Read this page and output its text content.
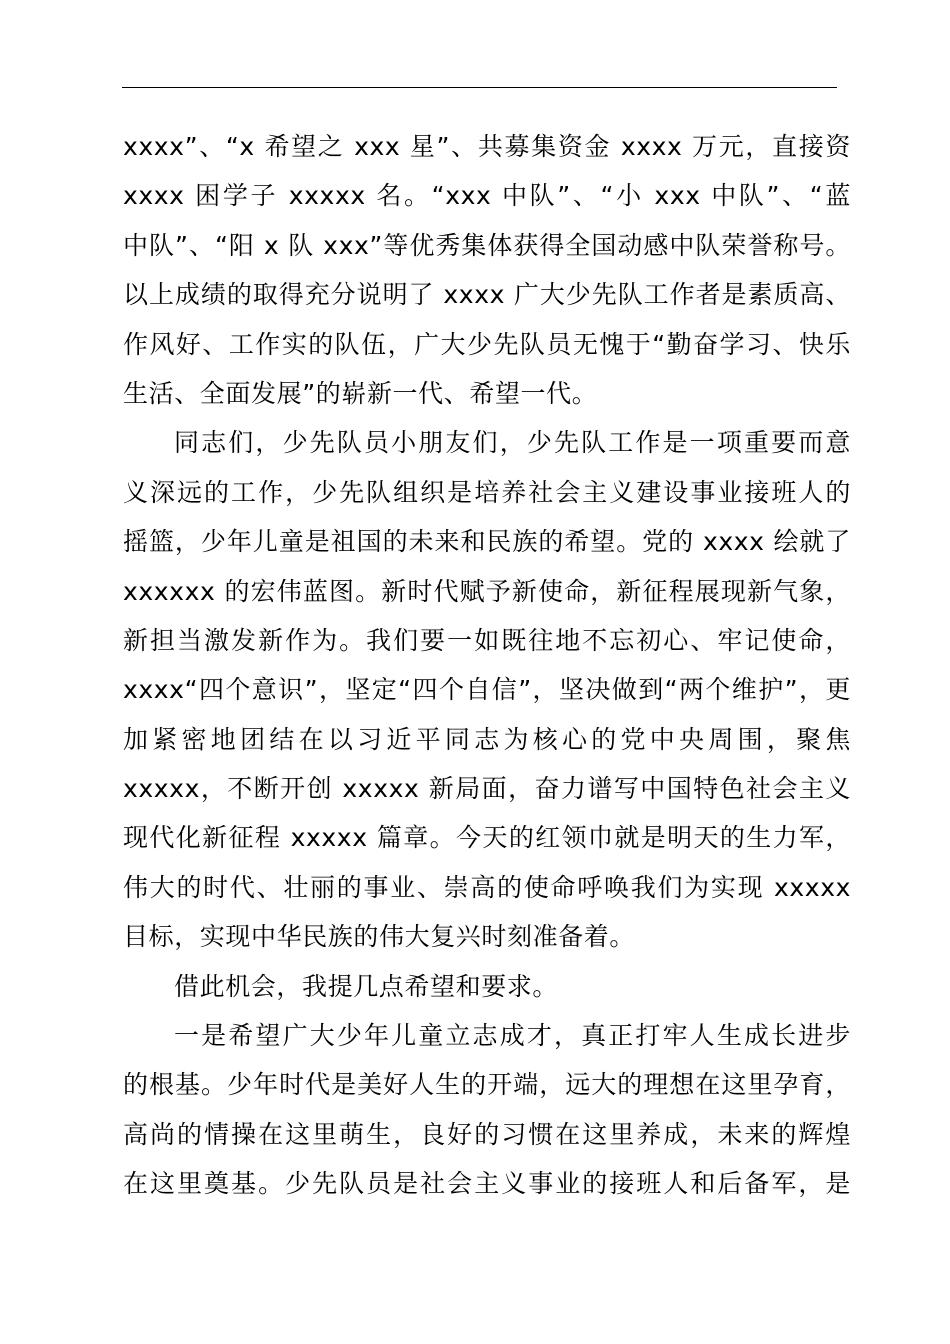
xxxx”、“x 希望之 xxx 星”、共募集资金 xxxx 万元，直接资
xxxx 困学子 xxxxx 名。“xxx 中队”、“小 xxx 中队”、“蓝
中队”、“阳 x 队 xxx”等优秀集体获得全国动感中队荣誉称号。
以上成绩的取得充分说明了 xxxx 广大少先队工作者是素质高、
作风好、工作实的队伍，广大少先队员无愧于“勤奋学习、快乐
生活、全面发展”的崭新一代、希望一代。
同志们，少先队员小朋友们，少先队工作是一项重要而意
义深远的工作，少先队组织是培养社会主义建设事业接班人的
摇篮，少年儿童是祖国的未来和民族的希望。党的 xxxx 绘就了
xxxxxx 的宏伟蓝图。新时代赋予新使命，新征程展现新气象，
新担当激发新作为。我们要一如既往地不忘初心、牢记使命，
xxxx“四个意识”，坚定“四个自信”，坚决做到“两个维护”，更
加紧密地团结在以习近平同志为核心的党中央周围，聚焦
xxxxx，不断开创 xxxxx 新局面，奋力谱写中国特色社会主义
现代化新征程 xxxxx 篇章。今天的红领巾就是明天的生力军，
伟大的时代、壮丽的事业、崇高的使命呼唤我们为实现 xxxxx
目标，实现中华民族的伟大复兴时刻准备着。
借此机会，我提几点希望和要求。
一是希望广大少年儿童立志成才，真正打牢人生成长进步
的根基。少年时代是美好人生的开端，远大的理想在这里孕育，
高尚的情操在这里萌生，良好的习惯在这里养成，未来的辉煌
在这里奠基。少先队员是社会主义事业的接班人和后备军，是
